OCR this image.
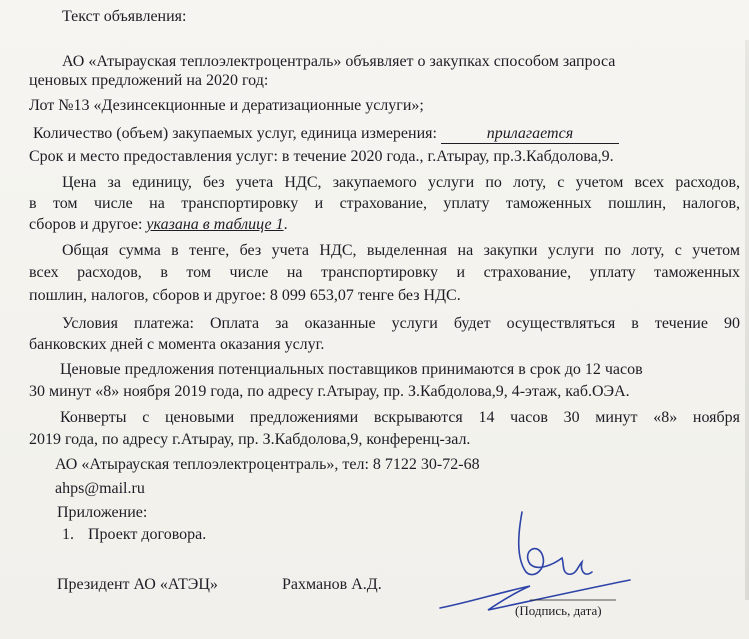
Текст объявления:
АО «Атырауская теплоэлектроцентраль» объявляет о закупках способом запроса
ценовых предложений на 2020 год:
Лот №13 «Дезинсекционные и дератизационные услуги»;
Количество (объем) закупаемых услуг, единица измерения:	прилагается
Срок и место предоставления услуг: в течение 2020 года., г.Атырау, пр.З.Кабдолова,9.
Цена за единицу, без учета НДС, закупаемого услуги по лоту, с учетом всех расходов,
в том числе на транспортировку и страхование, уплату таможенных пошлин, налогов,
сборов и другое: указана в таблице 1.
Общая сумма в тенге, без учета НДС, выделенная на закупки услуги по лоту, с учетом
всех расходов, в том числе на транспортировку и страхование, уплату таможенных
пошлин, налогов, сборов и другое: 8 099 653,07 тенге без НДС.
Условия платежа: Оплата за оказанные услуги будет осуществляться в течение 90
банковских дней с момента оказания услуг.
Ценовые предложения потенциальных поставщиков принимаются в срок до 12 часов
30 минут «8» ноября 2019 года, по адресу г.Атырау, пр. З.Кабдолова,9, 4-этаж, каб.ОЭА.
Конверты с ценовыми предложениями вскрываются 14 часов 30 минут «8» ноября
2019 года, по адресу г.Атырау, пр. З.Кабдолова,9, конференц-зал.
АО «Атырауская теплоэлектроцентраль», тел: 8 7122 30-72-68
ahps@mail.ru
Приложение:
1. Проект договора.
Президент АО «АТЭЦ»	Рахманов А.Д.
(Подпись, дата)
